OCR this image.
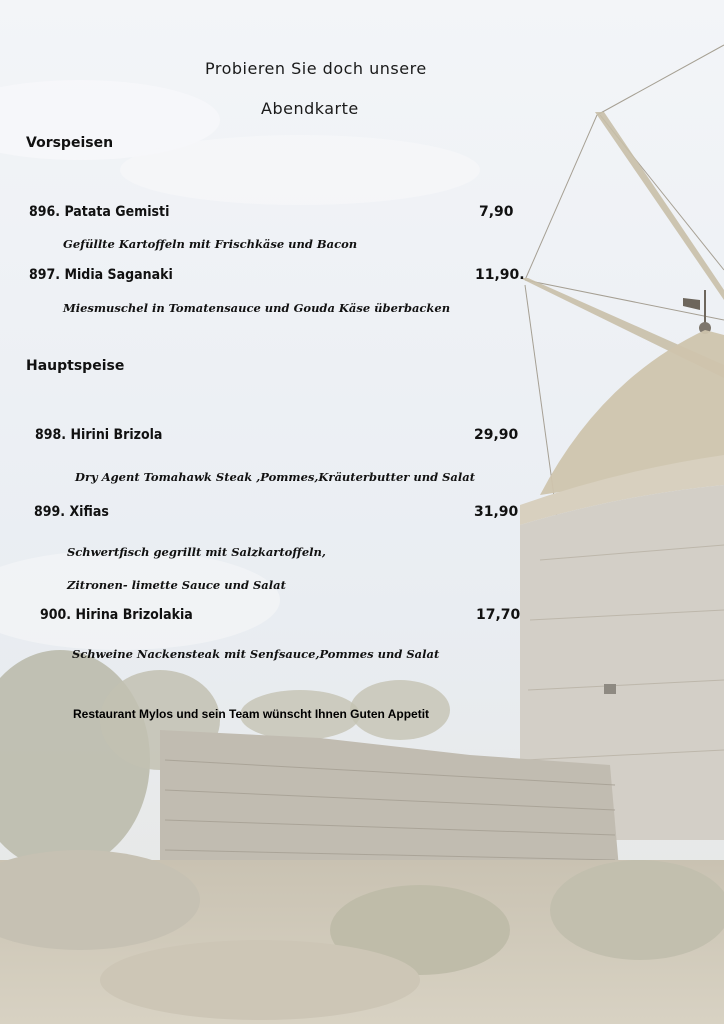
Probieren Sie doch unsere
Abendkarte
Vorspeisen
896. Patata Gemisti	7,90
Gefüllte Kartoffeln mit Frischkäse und Bacon
897. Midia Saganaki	11,90.
Miesmuschel in Tomatensauce und Gouda Käse überbacken
Hauptspeise
898. Hirini Brizola	29,90
Dry Agent Tomahawk Steak ,Pommes,Kräuterbutter und Salat
899. Xifias	31,90
Schwertfisch gegrillt mit Salzkartoffeln,
Zitronen- limette Sauce und Salat
900. Hirina Brizolakia	17,70
Schweine Nackensteak mit Senfsauce,Pommes und Salat
Restaurant Mylos und sein Team wünscht Ihnen Guten Appetit
